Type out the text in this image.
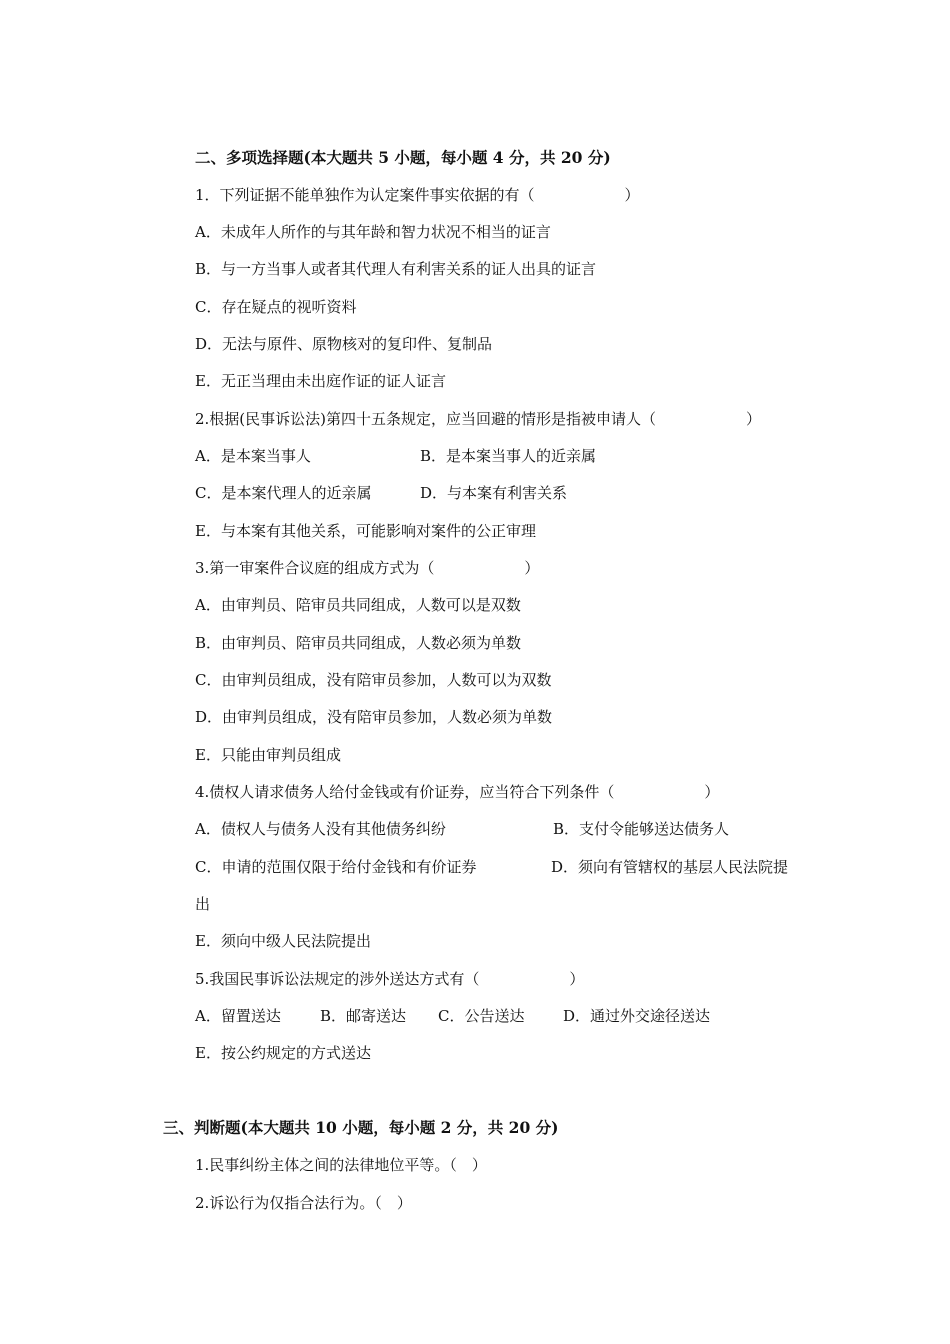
二、多项选择题(本大题共 5 小题，每小题 4 分，共 20 分)
1．下列证据不能单独作为认定案件事实依据的有（　　　　　　）
A．未成年人所作的与其年龄和智力状况不相当的证言
B．与一方当事人或者其代理人有利害关系的证人出具的证言
C．存在疑点的视听资料
D．无法与原件、原物核对的复印件、复制品
E．无正当理由未出庭作证的证人证言
2.根据(民事诉讼法)第四十五条规定，应当回避的情形是指被申请人（　　　　　　）
A．是本案当事人	B．是本案当事人的近亲属
C．是本案代理人的近亲属	D．与本案有利害关系
E．与本案有其他关系，可能影响对案件的公正审理
3.第一审案件合议庭的组成方式为（　　　　　　）
A．由审判员、陪审员共同组成，人数可以是双数
B．由审判员、陪审员共同组成，人数必须为单数
C．由审判员组成，没有陪审员参加，人数可以为双数
D．由审判员组成，没有陪审员参加，人数必须为单数
E．只能由审判员组成
4.债权人请求债务人给付金钱或有价证券，应当符合下列条件（　　　　　　）
A．债权人与债务人没有其他债务纠纷	B．支付令能够送达债务人
C．申请的范围仅限于给付金钱和有价证券	D．须向有管辖权的基层人民法院提
出
E．须向中级人民法院提出
5.我国民事诉讼法规定的涉外送达方式有（　　　　　　）
A．留置送达	B．邮寄送达 C．公告送达	D．通过外交途径送达
E．按公约规定的方式送达
三、判断题(本大题共 10 小题，每小题 2 分，共 20 分)
1.民事纠纷主体之间的法律地位平等。（　）
2.诉讼行为仅指合法行为。（　）
